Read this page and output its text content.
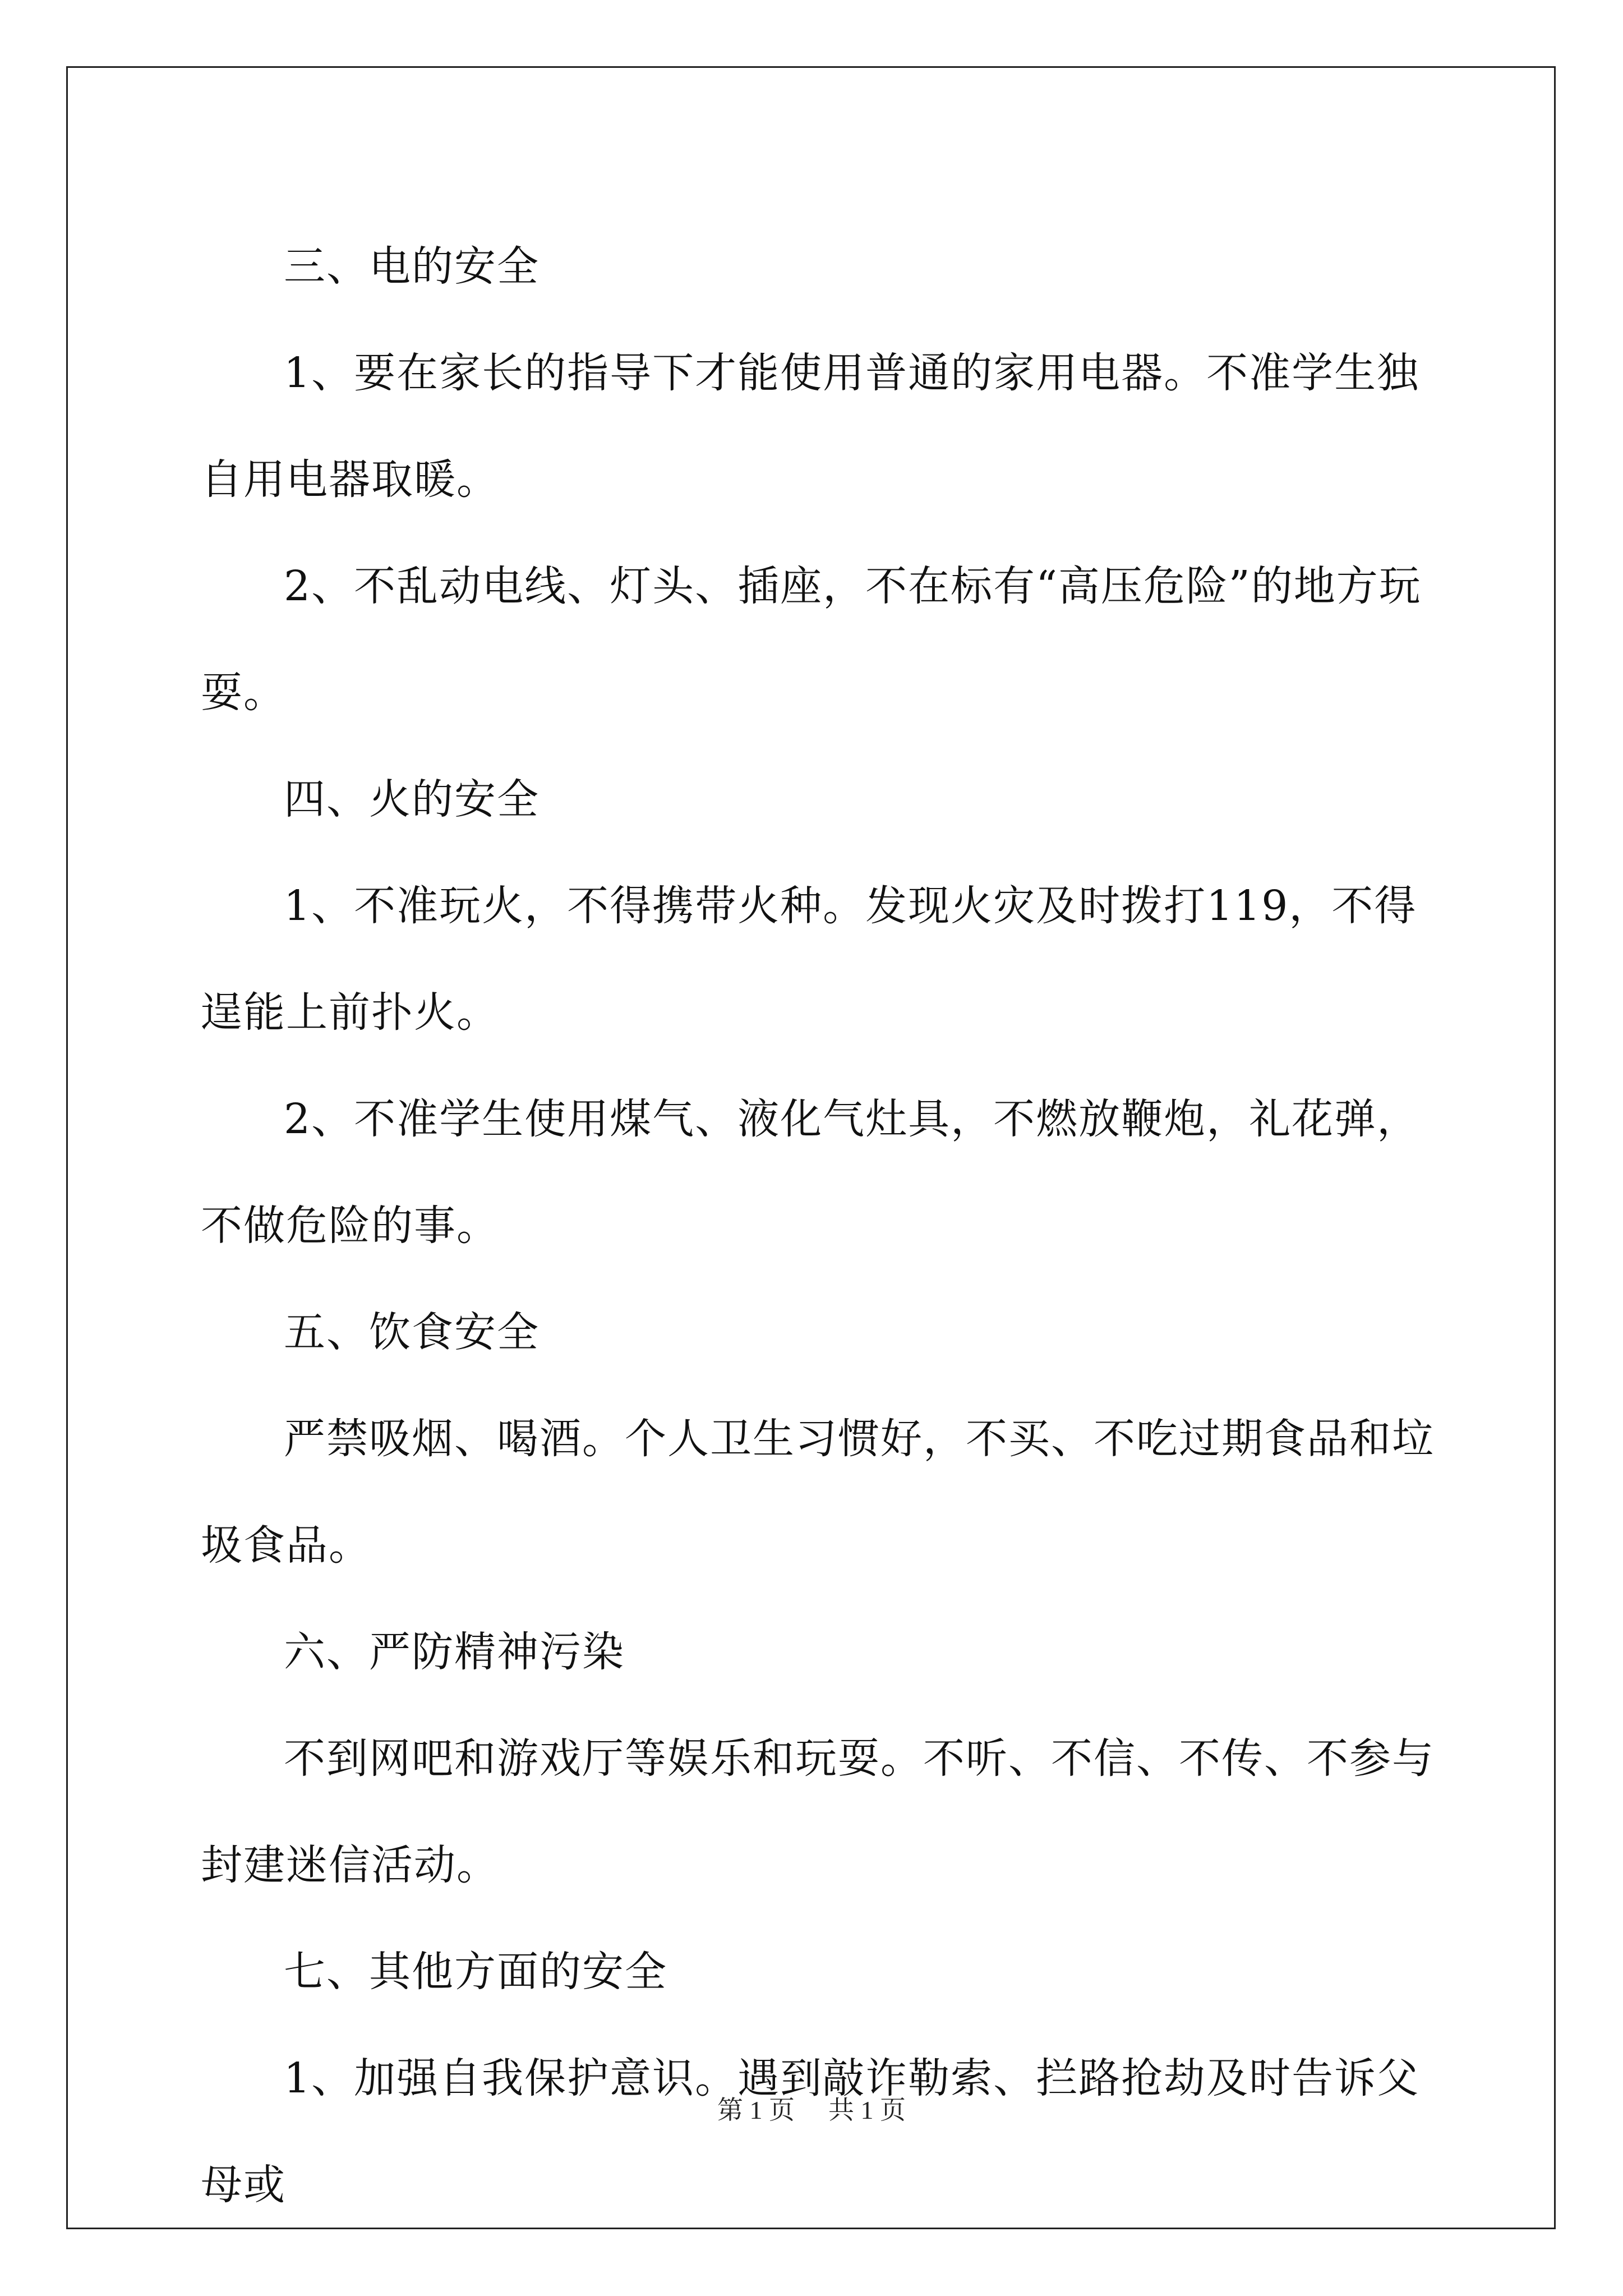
三、电的安全

1、要在家长的指导下才能使用普通的家用电器。不准学生独自用电器取暖。

2、不乱动电线、灯头、插座，不在标有“高压危险”的地方玩耍。

四、火的安全

1、不准玩火，不得携带火种。发现火灾及时拨打119，不得逞能上前扑火。

2、不准学生使用煤气、液化气灶具，不燃放鞭炮，礼花弹，不做危险的事。

五、饮食安全

严禁吸烟、喝酒。个人卫生习惯好，不买、不吃过期食品和垃圾食品。

六、严防精神污染

不到网吧和游戏厅等娱乐和玩耍。不听、不信、不传、不参与封建迷信活动。

七、其他方面的安全

1、加强自我保护意识。遇到敲诈勒索、拦路抢劫及时告诉父母或

第 1 页 共 1 页
